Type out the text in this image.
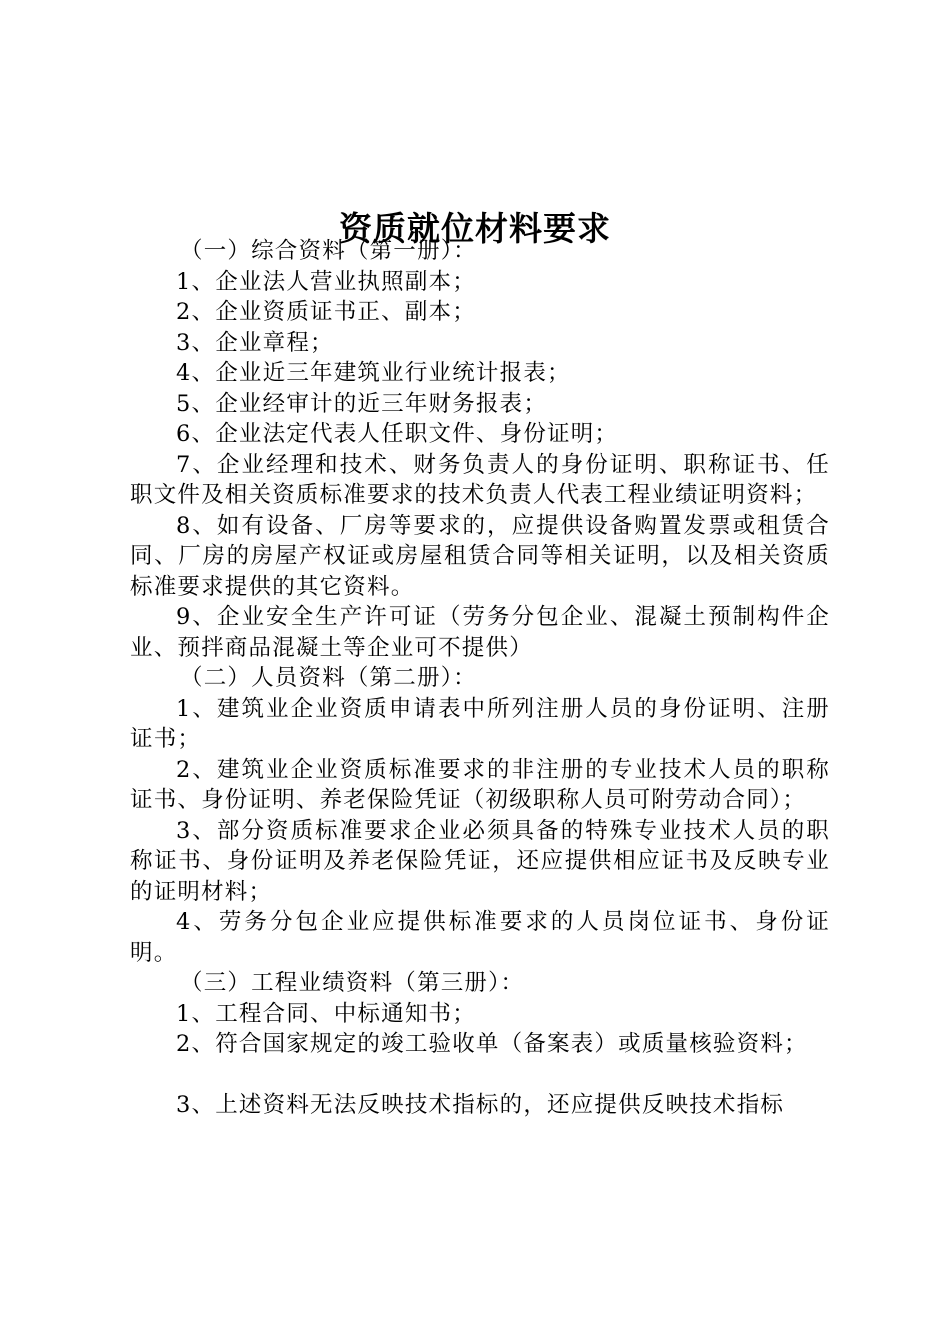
资质就位材料要求

（一）综合资料（第一册）：

1、企业法人营业执照副本；

2、企业资质证书正、副本；

3、企业章程；

4、企业近三年建筑业行业统计报表；

5、企业经审计的近三年财务报表；

6、企业法定代表人任职文件、身份证明；

7、企业经理和技术、财务负责人的身份证明、职称证书、任职文件及相关资质标准要求的技术负责人代表工程业绩证明资料；

8、如有设备、厂房等要求的，应提供设备购置发票或租赁合同、厂房的房屋产权证或房屋租赁合同等相关证明，以及相关资质标准要求提供的其它资料。

9、企业安全生产许可证（劳务分包企业、混凝土预制构件企业、预拌商品混凝土等企业可不提供）

（二）人员资料（第二册）：

1、建筑业企业资质申请表中所列注册人员的身份证明、注册证书；

2、建筑业企业资质标准要求的非注册的专业技术人员的职称证书、身份证明、养老保险凭证（初级职称人员可附劳动合同）；

3、部分资质标准要求企业必须具备的特殊专业技术人员的职称证书、身份证明及养老保险凭证，还应提供相应证书及反映专业的证明材料；

4、劳务分包企业应提供标准要求的人员岗位证书、身份证明。

（三）工程业绩资料（第三册）：

1、工程合同、中标通知书；

2、符合国家规定的竣工验收单（备案表）或质量核验资料；

3、上述资料无法反映技术指标的，还应提供反映技术指标
